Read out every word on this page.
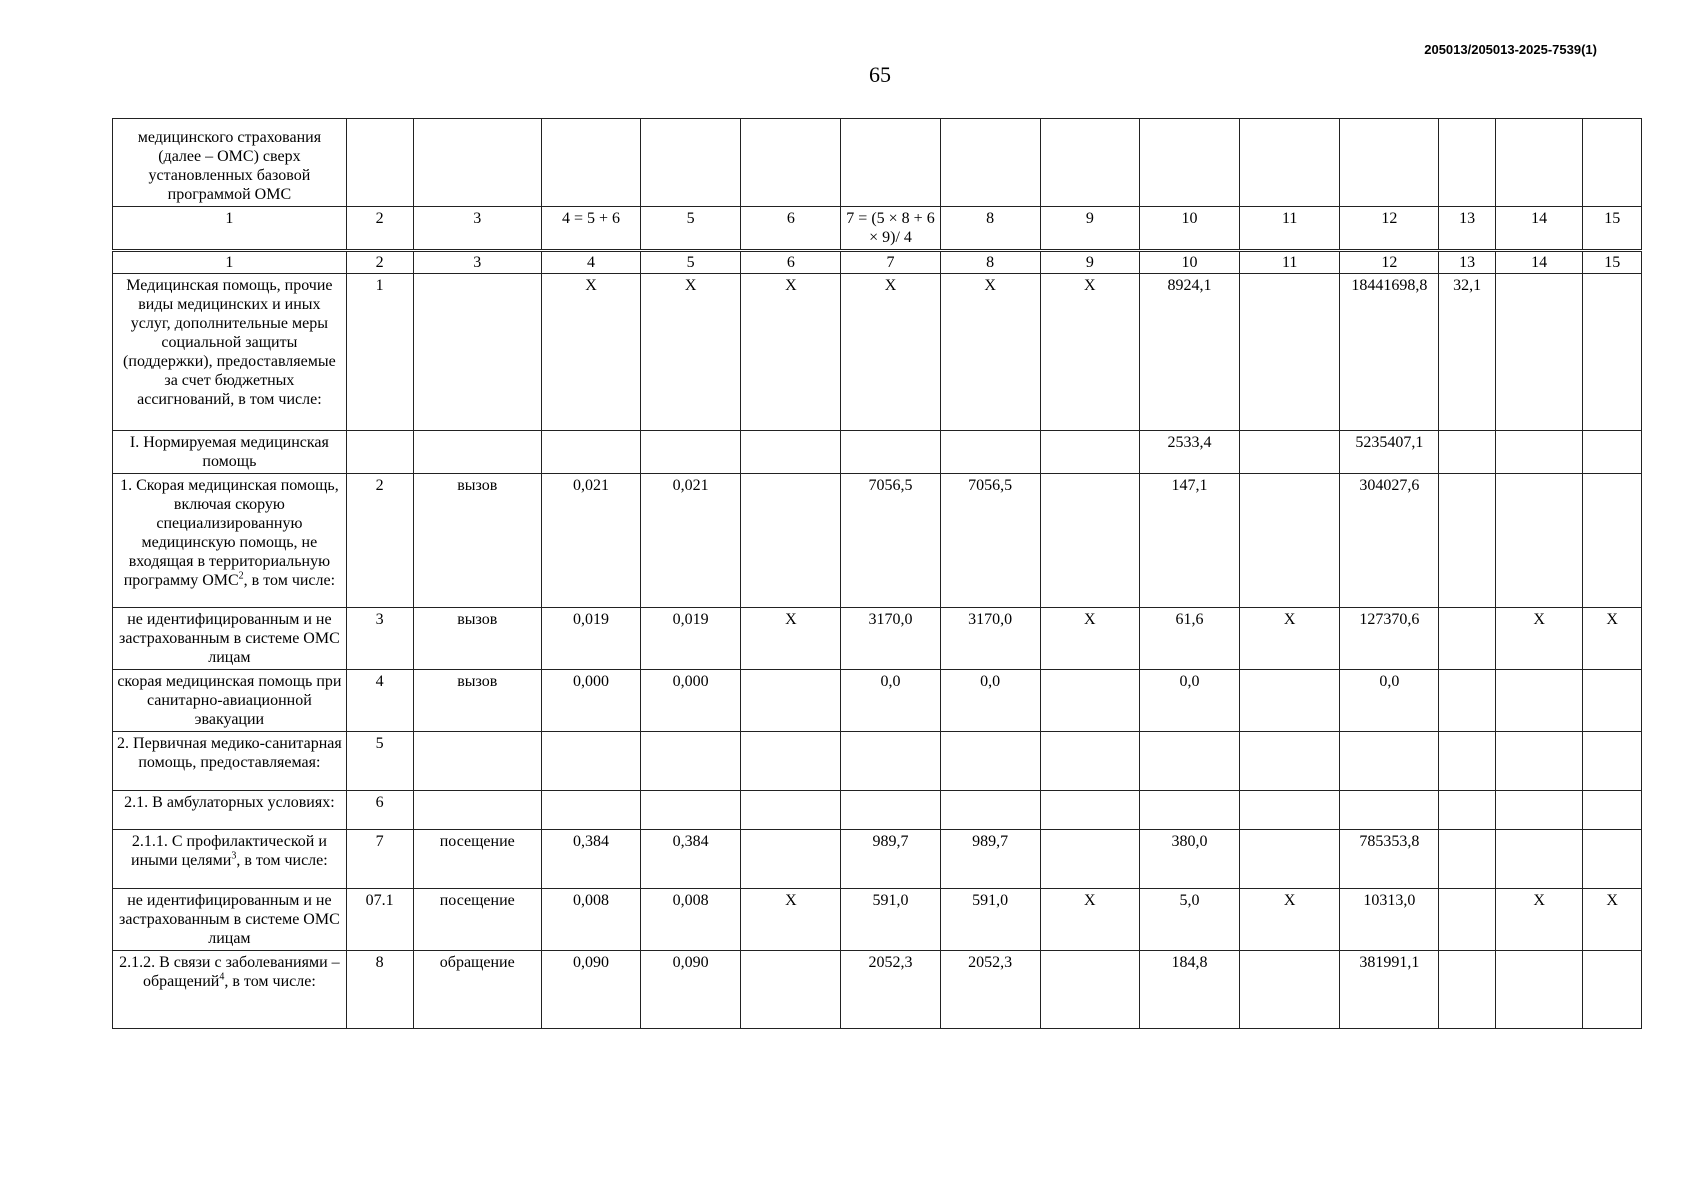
205013/205013-2025-7539(1)
65
медицинского страхования (далее – ОМС) сверх установленных базовой программой ОМС														
1	2	3	4 = 5 + 6	5	6	7 = (5 × 8 + 6 × 9)/ 4	8	9	10	11	12	13	14	15
1	2	3	4	5	6	7	8	9	10	11	12	13	14	15
Медицинская помощь, прочие виды медицинских и иных услуг, дополнительные меры социальной защиты (поддержки), предоставляемые за счет бюджетных ассигнований, в том числе:	1		X	X	X	X	X	X	8924,1		18441698,8	32,1		
I. Нормируемая медицинская помощь									2533,4		5235407,1			
1. Скорая медицинская помощь, включая скорую специализированную медицинскую помощь, не входящая в территориальную программу ОМС$^2$, в том числе:	2	вызов	0,021	0,021		7056,5	7056,5		147,1		304027,6			
не идентифицированным и не застрахованным в системе ОМС лицам	3	вызов	0,019	0,019	X	3170,0	3170,0	X	61,6	X	127370,6		X	X
скорая медицинская помощь при санитарно-авиационной эвакуации	4	вызов	0,000	0,000		0,0	0,0		0,0		0,0			
2. Первичная медико-санитарная помощь, предоставляемая:	5													
2.1. В амбулаторных условиях:	6													
2.1.1. С профилактической и иными целями$^3$, в том числе:	7	посещение	0,384	0,384		989,7	989,7		380,0		785353,8			
не идентифицированным и не застрахованным в системе ОМС лицам	07.1	посещение	0,008	0,008	X	591,0	591,0	X	5,0	X	10313,0		X	X
2.1.2. В связи с заболеваниями – обращений$^4$, в том числе:	8	обращение	0,090	0,090		2052,3	2052,3		184,8		381991,1			
